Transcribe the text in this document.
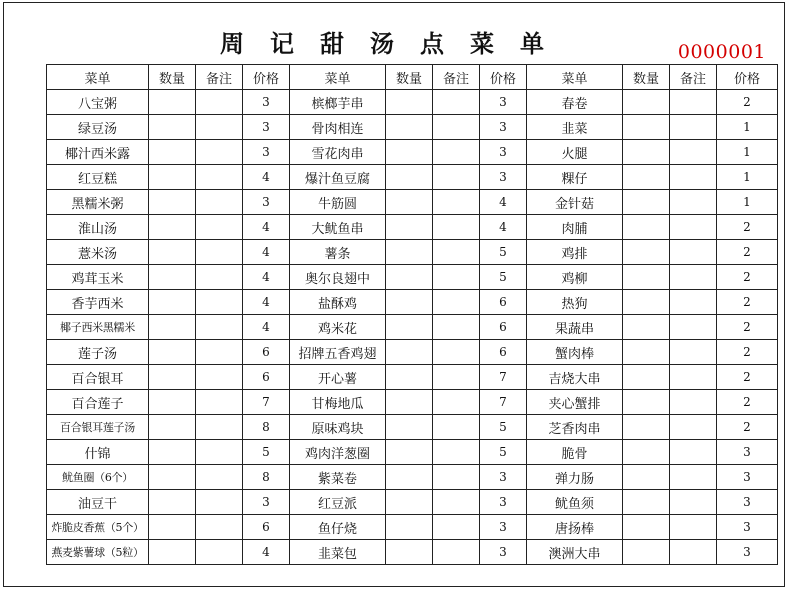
周记甜汤点菜单	0000001
菜单	数量	备注	价格	菜单	数量	备注	价格	菜单	数量	备注	价格
八宝粥			3	槟榔芋串			3	春卷			2
绿豆汤			3	骨肉相连			3	韭菜			1
椰汁西米露			3	雪花肉串			3	火腿			1
红豆糕			4	爆汁鱼豆腐			3	粿仔			1
黑糯米粥			3	牛筋圆			4	金针菇			1
淮山汤			4	大鱿鱼串			4	肉脯			2
薏米汤			4	薯条			5	鸡排			2
鸡茸玉米			4	奥尔良翅中			5	鸡柳			2
香芋西米			4	盐酥鸡			6	热狗			2
椰子西米黑糯米			4	鸡米花			6	果蔬串			2
莲子汤			6	招牌五香鸡翅			6	蟹肉棒			2
百合银耳			6	开心薯			7	吉烧大串			2
百合莲子			7	甘梅地瓜			7	夹心蟹排			2
百合银耳莲子汤			8	原味鸡块			5	芝香肉串			2
什锦			5	鸡肉洋葱圈			5	脆骨			3
鱿鱼圈（6个）			8	紫菜卷			3	弹力肠			3
油豆干			3	红豆派			3	鱿鱼须			3
炸脆皮香蕉（5个）			6	鱼仔烧			3	唐扬棒			3
燕麦紫薯球（5粒）			4	韭菜包			3	澳洲大串			3
